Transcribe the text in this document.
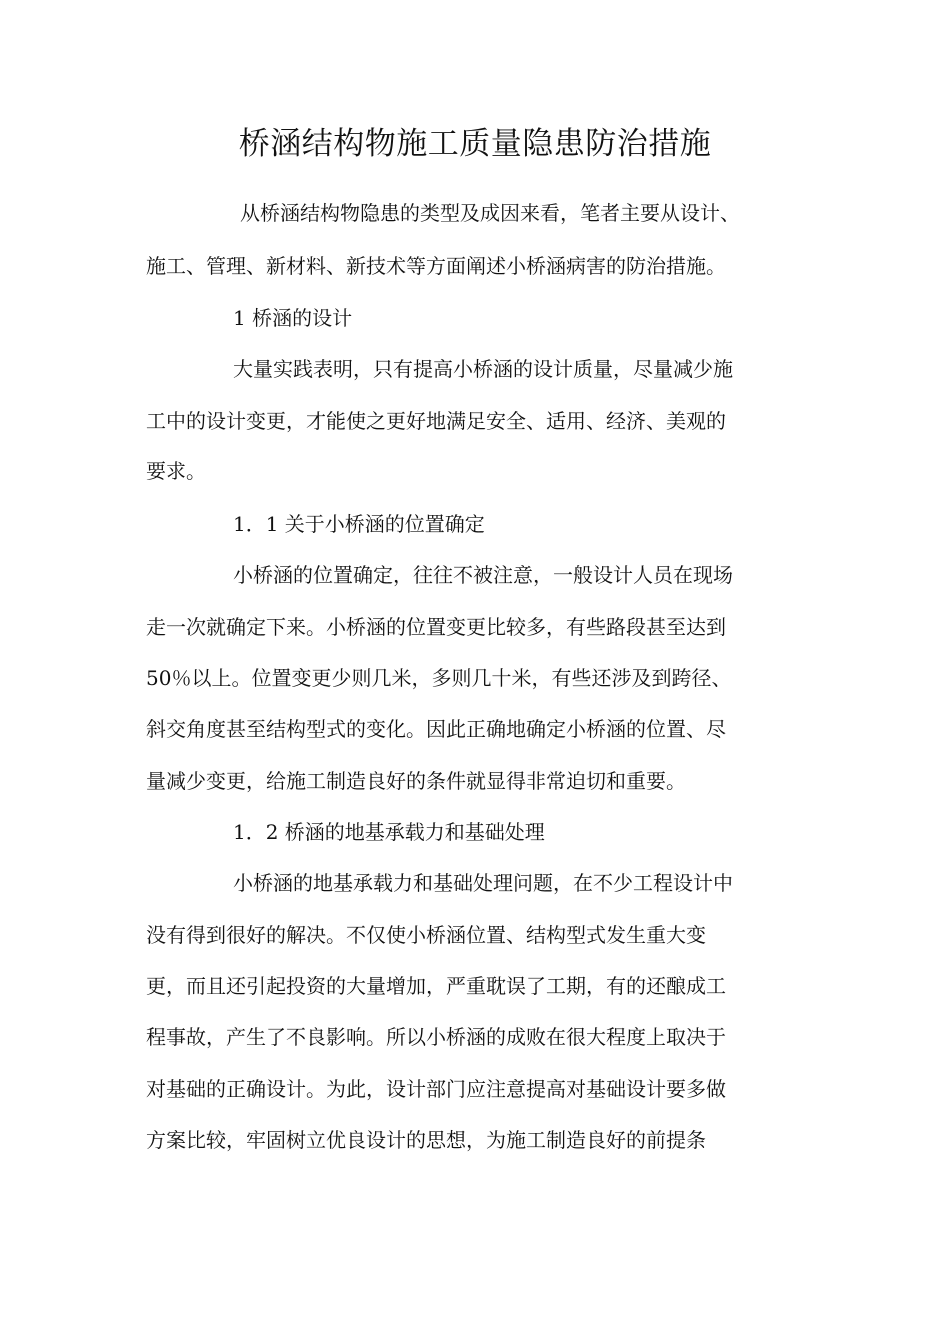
桥涵结构物施工质量隐患防治措施
从桥涵结构物隐患的类型及成因来看，笔者主要从设计、
施工、管理、新材料、新技术等方面阐述小桥涵病害的防治措施。
1 桥涵的设计
大量实践表明，只有提高小桥涵的设计质量，尽量减少施
工中的设计变更，才能使之更好地满足安全、适用、经济、美观的
要求。
1．1 关于小桥涵的位置确定
小桥涵的位置确定，往往不被注意，一般设计人员在现场
走一次就确定下来。小桥涵的位置变更比较多，有些路段甚至达到
50％以上。位置变更少则几米，多则几十米，有些还涉及到跨径、
斜交角度甚至结构型式的变化。因此正确地确定小桥涵的位置、尽
量减少变更，给施工制造良好的条件就显得非常迫切和重要。
1．2 桥涵的地基承载力和基础处理
小桥涵的地基承载力和基础处理问题，在不少工程设计中
没有得到很好的解决。不仅使小桥涵位置、结构型式发生重大变
更，而且还引起投资的大量增加，严重耽误了工期，有的还酿成工
程事故，产生了不良影响。所以小桥涵的成败在很大程度上取决于
对基础的正确设计。为此，设计部门应注意提高对基础设计要多做
方案比较，牢固树立优良设计的思想，为施工制造良好的前提条
